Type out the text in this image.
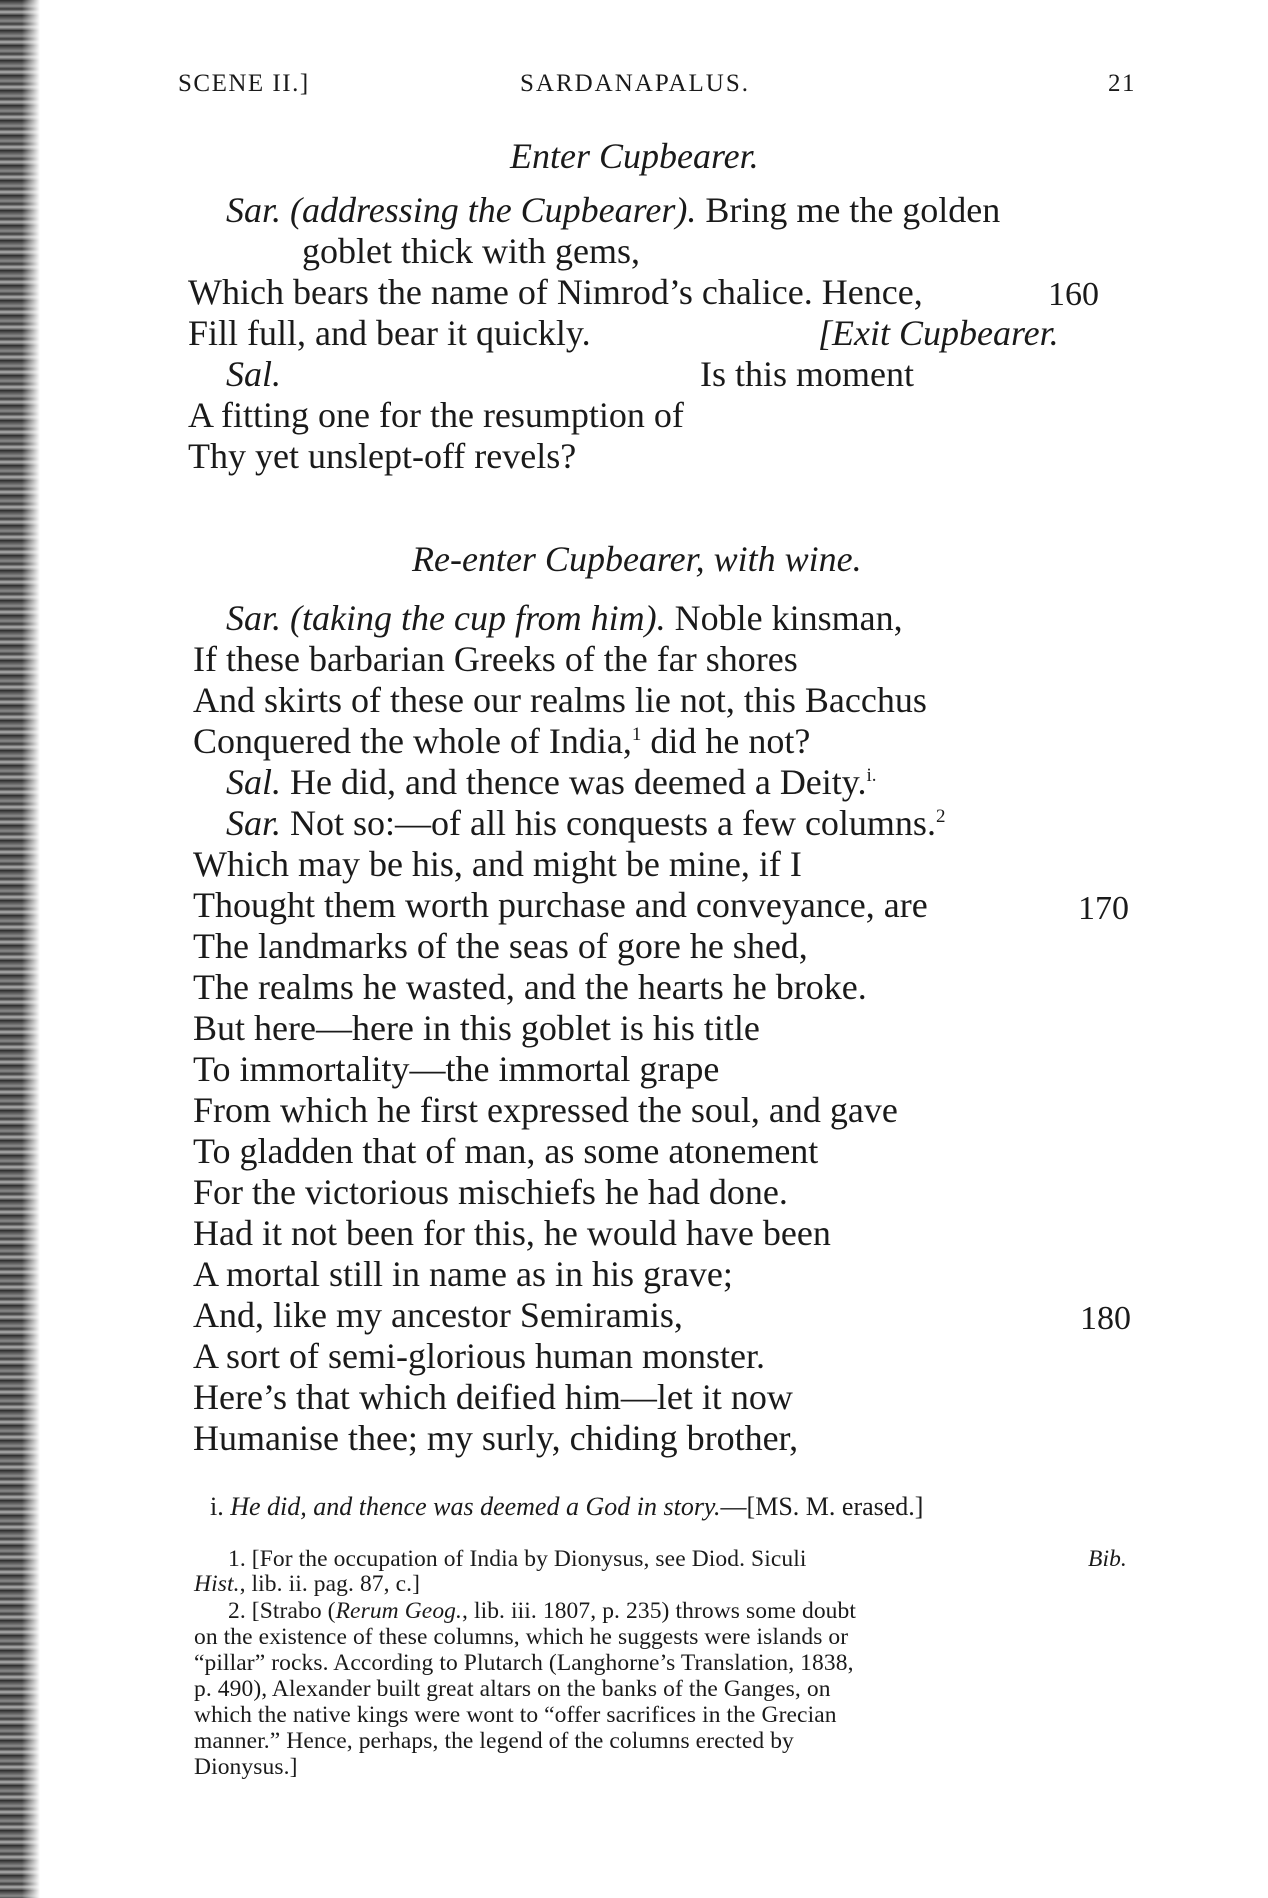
SCENE II.]	SARDANAPALUS.	21
Enter Cupbearer.
Sar. (addressing the Cupbearer). Bring me the golden
goblet thick with gems,
Which bears the name of Nimrod’s chalice. Hence,	160
Fill full, and bear it quickly.	[Exit Cupbearer.
Sal.	Is this moment
A fitting one for the resumption of
Thy yet unslept-off revels?
Re-enter Cupbearer, with wine.
Sar. (taking the cup from him). Noble kinsman,
If these barbarian Greeks of the far shores
And skirts of these our realms lie not, this Bacchus
Conquered the whole of India,$^1$ did he not?
Sal. He did, and thence was deemed a Deity.$^{i.}$
Sar. Not so:—of all his conquests a few columns.$^2$
Which may be his, and might be mine, if I
Thought them worth purchase and conveyance, are	170
The landmarks of the seas of gore he shed,
The realms he wasted, and the hearts he broke.
But here—here in this goblet is his title
To immortality—the immortal grape
From which he first expressed the soul, and gave
To gladden that of man, as some atonement
For the victorious mischiefs he had done.
Had it not been for this, he would have been
A mortal still in name as in his grave;
And, like my ancestor Semiramis,	180
A sort of semi-glorious human monster.
Here’s that which deified him—let it now
Humanise thee; my surly, chiding brother,
i. He did, and thence was deemed a God in story.—[MS. M. erased.]
1. [For the occupation of India by Dionysus, see Diod. Siculi	Bib.
Hist., lib. ii. pag. 87, c.]
2. [Strabo (Rerum Geog., lib. iii. 1807, p. 235) throws some doubt
on the existence of these columns, which he suggests were islands or
“pillar” rocks. According to Plutarch (Langhorne’s Translation, 1838,
p. 490), Alexander built great altars on the banks of the Ganges, on
which the native kings were wont to “offer sacrifices in the Grecian
manner.” Hence, perhaps, the legend of the columns erected by
Dionysus.]
